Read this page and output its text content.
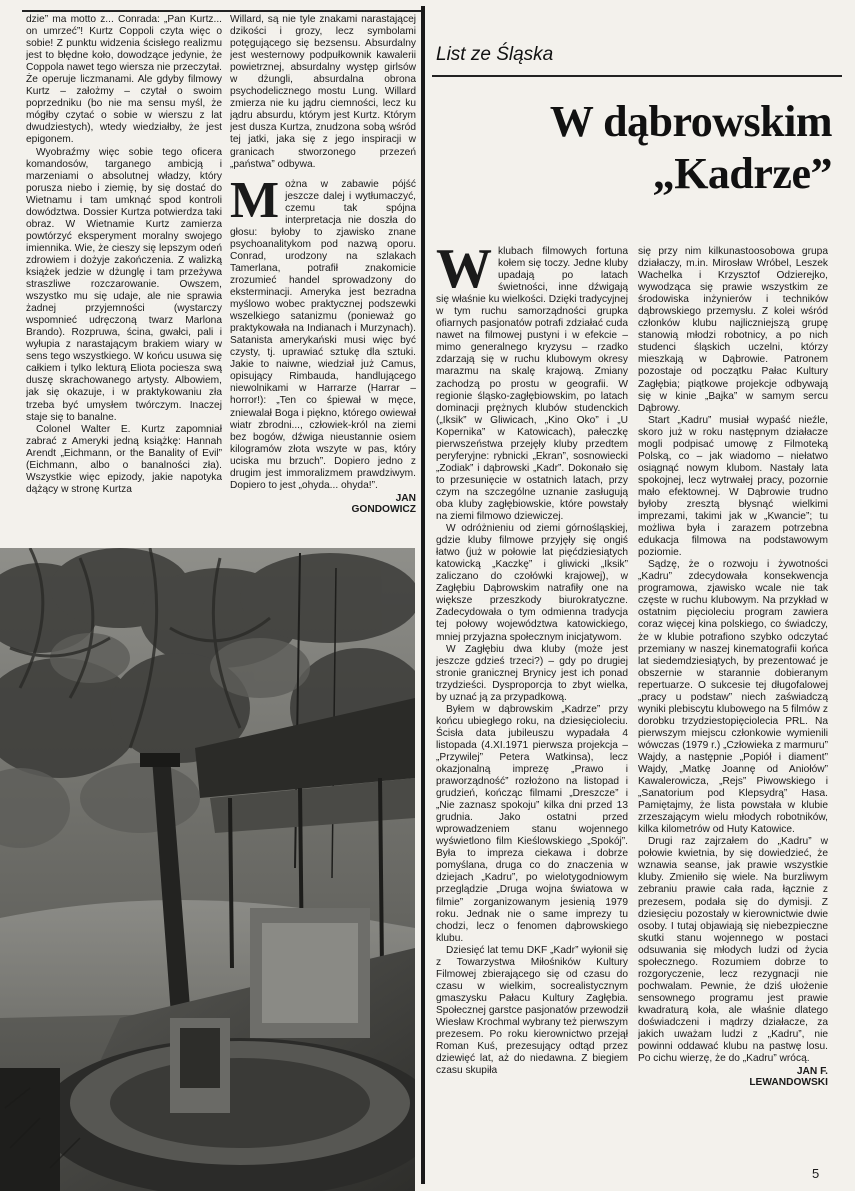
dzie” ma motto z... Conrada: „Pan Kurtz... on umrzeć”! Kurtz Coppoli czyta więc o sobie! Z punktu widzenia ścisłego realizmu jest to błędne koło, dowodzące jedynie, że Coppola nawet tego wiersza nie przeczytał. Że operuje liczmanami. Ale gdyby filmowy Kurtz – założmy – czytał o swoim poprzedniku (bo nie ma sensu myśl, że mógłby czytać o sobie w wierszu z lat dwudziestych), wtedy wiedziałby, że jest epigonem.

Wyobraźmy więc sobie tego oficera komandosów, targanego ambicją i marzeniami o absolutnej władzy, który porusza niebo i ziemię, by się dostać do Wietnamu i tam umknąć spod kontroli dowództwa. Dossier Kurtza potwierdza taki obraz. W Wietnamie Kurtz zamierza powtórzyć eksperyment moralny swojego imiennika. Wie, że cieszy się lepszym odeń zdrowiem i dożyje zakończenia. Z walizką książek jedzie w dżunglę i tam przeżywa straszliwe rozczarowanie. Owszem, wszystko mu się udaje, ale nie sprawia żadnej przyjemności (wystarczy wspomnieć udręczoną twarz Marlona Brando). Rozpruwa, ścina, gwałci, pali i wyłupia z narastającym brakiem wiary w sens tego wszystkiego. W końcu usuwa się całkiem i tylko lekturą Eliota pociesza swą duszę skrachowanego artysty. Albowiem, jak się okazuje, i w praktykowaniu zła trzeba być umysłem twórczym. Inaczej staje się to banalne.

Colonel Walter E. Kurtz zapomniał zabrać z Ameryki jedną książkę: Hannah Arendt „Eichmann, or the Banality of Evil” (Eichmann, albo o banalności zła). Wszystkie więc epizody, jakie napotyka dążący w stronę Kurtza

Willard, są nie tyle znakami narastającej dzikości i grozy, lecz symbolami potęgującego się bezsensu. Absurdalny jest westernowy podpułkownik kawalerii powietrznej, absurdalny występ girlsów w dżungli, absurdalna obrona psychodelicznego mostu Lung. Willard zmierza nie ku jądru ciemności, lecz ku jądru absurdu, którym jest Kurtz. Którym jest dusza Kurtza, znudzona sobą wśród tej jatki, jaka się z jego inspiracji w granicach stworzonego przezeń „państwa” odbywa.

M ożna w zabawie pójść jeszcze dalej i wytłumaczyć, czemu tak spójna interpretacja nie doszła do głosu: byłoby to zjawisko znane psychoanalitykom pod nazwą oporu. Conrad, urodzony na szlakach Tamerlana, potrafił znakomicie zrozumieć handel sprowadzony do eksterminacji. Ameryka jest bezradna myślowo wobec praktycznej podszewki wszelkiego satanizmu (ponieważ go praktykowała na Indianach i Murzynach). Satanista amerykański musi więc być czysty, tj. uprawiać sztukę dla sztuki. Jakie to naiwne, wiedział już Camus, opisujący Rimbauda, handlującego niewolnikami w Harrarze (Harrar – horror!): „Ten co śpiewał w męce, zniewalał Boga i piękno, którego owiewał wiatr zbrodni..., człowiek-król na ziemi bez bogów, dźwiga nieustannie osiem kilogramów złota wszyte w pas, który uciska mu brzuch”. Dopiero jedno z drugim jest immoralizmem prawdziwym. Dopiero to jest „ohyda... ohyda!”.

JAN
GONDOWICZ
List ze Śląska
W dąbrowskim
„Kadrze”
W klubach filmowych fortuna kołem się toczy. Jedne kluby upadają po latach świetności, inne dźwigają się właśnie ku wielkości. Dzięki tradycyjnej w tym ruchu samorządności grupka ofiarnych pasjonatów potrafi zdziałać cuda nawet na filmowej pustyni i w efekcie – mimo generalnego kryzysu – rzadko zdarzają się w ruchu klubowym okresy marazmu na skalę krajową. Zmiany zachodzą po prostu w geografii. W regionie śląsko-zagłębiowskim, po latach dominacji prężnych klubów studenckich („Iksik” w Gliwicach, „Kino Oko” i „U Kopernika” w Katowicach), pałeczkę pierwszeństwa przejęły kluby przedtem peryferyjne: rybnicki „Ekran”, sosnowiecki „Zodiak” i dąbrowski „Kadr”. Dokonało się to przesunięcie w ostatnich latach, przy czym na szczególne uznanie zasługują oba kluby zagłębiowskie, które powstały na ziemi filmowo dziewiczej.

W odróżnieniu od ziemi górnośląskiej, gdzie kluby filmowe przyjęły się ongiś łatwo (już w połowie lat pięćdziesiątych katowicką „Kaczkę” i gliwicki „Iksik” zaliczano do czołówki krajowej), w Zagłębiu Dąbrowskim natrafiły one na większe przeszkody biurokratyczne. Zadecydowała o tym odmienna tradycja tej połowy województwa katowickiego, mniej przyjazna społecznym inicjatywom.

W Zagłębiu dwa kluby (może jest jeszcze gdzieś trzeci?) – gdy po drugiej stronie granicznej Brynicy jest ich ponad trzydzieści. Dysproporcja to zbyt wielka, by uznać ją za przypadkową.

Byłem w dąbrowskim „Kadrze” przy końcu ubiegłego roku, na dziesięcioleciu. Ścisła data jubileuszu wypadała 4 listopada (4.XI.1971 pierwsza projekcja – „Przywilej” Petera Watkinsa), lecz okazjonalną imprezę „Prawo i praworządność” rozłożono na listopad i grudzień, kończąc filmami „Dreszcze” i „Nie zaznasz spokoju” kilka dni przed 13 grudnia. Jako ostatni przed wprowadzeniem stanu wojennego wyświetlono film Kieślowskiego „Spokój”. Była to impreza ciekawa i dobrze pomyślana, druga co do znaczenia w dziejach „Kadru”, po wielotygodniowym przeglądzie „Druga wojna światowa w filmie” zorganizowanym jesienią 1979 roku. Jednak nie o same imprezy tu chodzi, lecz o fenomen dąbrowskiego klubu.

Dziesięć lat temu DKF „Kadr” wyłonił się z Towarzystwa Miłośników Kultury Filmowej zbierającego się od czasu do czasu w wielkim, socrealistycznym gmaszysku Pałacu Kultury Zagłębia. Społecznej garstce pasjonatów przewodził Wiesław Krochmal wybrany też pierwszym prezesem. Po roku kierownictwo przejął Roman Kuś, prezesujący odtąd przez dziewięć lat, aż do niedawna. Z biegiem czasu skupiła

się przy nim kilkunastoosobowa grupa działaczy, m.in. Mirosław Wróbel, Leszek Wachelka i Krzysztof Odzierejko, wywodząca się prawie wszystkim ze środowiska inżynierów i techników dąbrowskiego przemysłu. Z kolei wśród członków klubu najliczniejszą grupę stanowią młodzi robotnicy, a po nich studenci śląskich uczelni, którzy mieszkają w Dąbrowie. Patronem pozostaje od początku Pałac Kultury Zagłębia; piątkowe projekcje odbywają się w kinie „Bajka” w samym sercu Dąbrowy.

Start „Kadru” musiał wypaść nieźle, skoro już w roku następnym działacze mogli podpisać umowę z Filmoteką Polską, co – jak wiadomo – niełatwo osiągnąć nowym klubom. Nastały lata spokojnej, lecz wytrwałej pracy, pozornie mało efektownej. W Dąbrowie trudno byłoby zresztą błysnąć wielkimi imprezami, takimi jak w „Kwancie”; tu możliwa była i zarazem potrzebna edukacja filmowa na podstawowym poziomie.

Sądzę, że o rozwoju i żywotności „Kadru” zdecydowała konsekwencja programowa, zjawisko wcale nie tak częste w ruchu klubowym. Na przykład w ostatnim pięcioleciu program zawiera coraz więcej kina polskiego, co świadczy, że w klubie potrafiono szybko odczytać przemiany w naszej kinematografii końca lat siedemdziesiątych, by prezentować je obszernie w starannie dobieranym repertuarze. O sukcesie tej długofalowej „pracy u podstaw” niech zaświadczą wyniki plebiscytu klubowego na 5 filmów z dorobku trzydziestopięciolecia PRL. Na pierwszym miejscu członkowie wymienili wówczas (1979 r.) „Człowieka z marmuru” Wajdy, a następnie „Popiół i diament” Wajdy, „Matkę Joannę od Aniołów” Kawalerowicza, „Rejs” Piwowskiego i „Sanatorium pod Klepsydrą” Hasa. Pamiętajmy, że lista powstała w klubie zrzeszającym wielu młodych robotników, kilka kilometrów od Huty Katowice.

Drugi raz zajrzałem do „Kadru” w połowie kwietnia, by się dowiedzieć, że wznawia seanse, jak prawie wszystkie kluby. Zmieniło się wiele. Na burzliwym zebraniu prawie cała rada, łącznie z prezesem, podała się do dymisji. Z dziesięciu pozostały w kierownictwie dwie osoby. I tutaj objawiają się niebezpieczne skutki stanu wojennego w postaci odsuwania się młodych ludzi od życia społecznego. Rozumiem dobrze to rozgoryczenie, lecz rezygnacji nie pochwalam. Pewnie, że dziś ułożenie sensownego programu jest prawie kwadraturą koła, ale właśnie dlatego doświadczeni i mądrzy działacze, za jakich uważam ludzi z „Kadru”, nie powinni oddawać klubu na pastwę losu. Po cichu wierzę, że do „Kadru” wrócą.

JAN F.
LEWANDOWSKI
5
